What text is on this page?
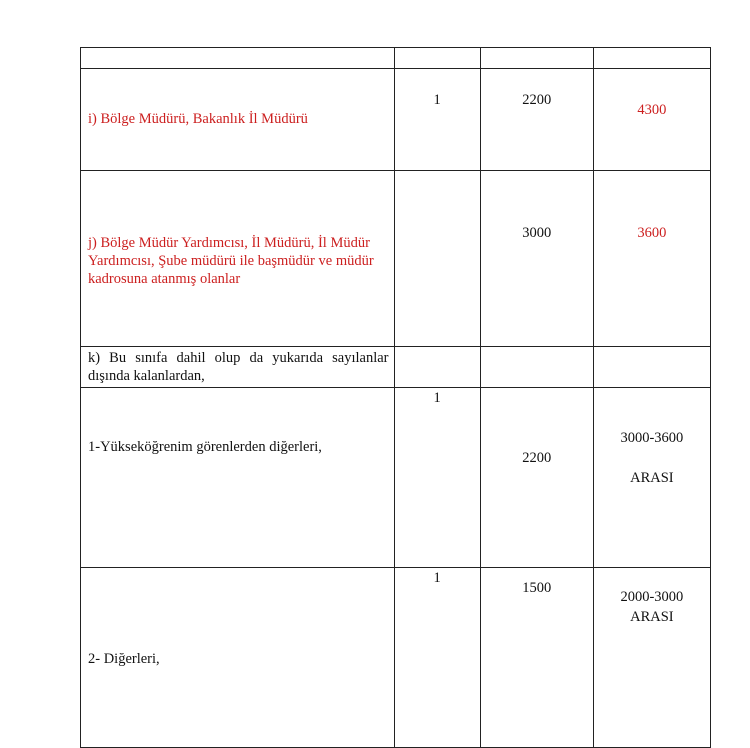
i) Bölge Müdürü, Bakanlık İl Müdürü	1	2200	4300

j) Bölge Müdür Yardımcısı, İl Müdürü, İl Müdür Yardımcısı, Şube müdürü ile başmüdür ve müdür kadrosuna atanmış olanlar		3000	3600

k) Bu sınıfa dahil olup da yukarıda sayılanlar dışında kalanlardan,			

1-Yükseköğrenim görenlerden diğerleri,	1	2200	3000-3600
ARASI

2- Diğerleri,	1	1500	2000-3000
ARASI
